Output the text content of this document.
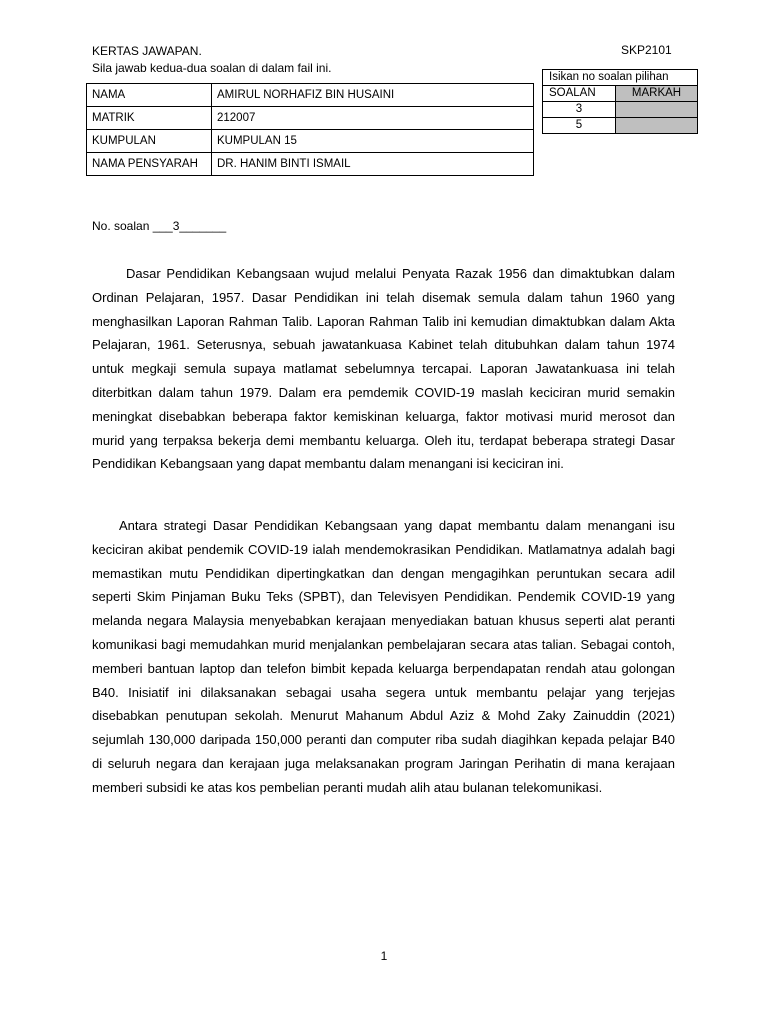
KERTAS JAWAPAN.
Sila jawab kedua-dua soalan di dalam fail ini.
SKP2101
NAMA	AMIRUL NORHAFIZ BIN HUSAINI
MATRIK	212007
KUMPULAN	KUMPULAN 15
NAMA PENSYARAH	DR. HANIM BINTI ISMAIL
Isikan no soalan pilihan	
SOALAN	MARKAH
3	
5	
No. soalan ___3_______

Dasar Pendidikan Kebangsaan wujud melalui Penyata Razak 1956 dan dimaktubkan dalam Ordinan Pelajaran, 1957. Dasar Pendidikan ini telah disemak semula dalam tahun 1960 yang menghasilkan Laporan Rahman Talib. Laporan Rahman Talib ini kemudian dimaktubkan dalam Akta Pelajaran, 1961. Seterusnya, sebuah jawatankuasa Kabinet telah ditubuhkan dalam tahun 1974 untuk megkaji semula supaya matlamat sebelumnya tercapai. Laporan Jawatankuasa ini telah diterbitkan dalam tahun 1979. Dalam era pemdemik COVID-19 maslah keciciran murid semakin meningkat disebabkan beberapa faktor kemiskinan keluarga, faktor motivasi murid merosot dan murid yang terpaksa bekerja demi membantu keluarga. Oleh itu, terdapat beberapa strategi Dasar Pendidikan Kebangsaan yang dapat membantu dalam menangani isi keciciran ini.

Antara strategi Dasar Pendidikan Kebangsaan yang dapat membantu dalam menangani isu keciciran akibat pendemik COVID-19 ialah mendemokrasikan Pendidikan. Matlamatnya adalah bagi memastikan mutu Pendidikan dipertingkatkan dan dengan mengagihkan peruntukan secara adil seperti Skim Pinjaman Buku Teks (SPBT), dan Televisyen Pendidikan. Pendemik COVID-19 yang melanda negara Malaysia menyebabkan kerajaan menyediakan batuan khusus seperti alat peranti komunikasi bagi memudahkan murid menjalankan pembelajaran secara atas talian. Sebagai contoh, memberi bantuan laptop dan telefon bimbit kepada keluarga berpendapatan rendah atau golongan B40. Inisiatif ini dilaksanakan sebagai usaha segera untuk membantu pelajar yang terjejas disebabkan penutupan sekolah. Menurut Mahanum Abdul Aziz & Mohd Zaky Zainuddin (2021) sejumlah 130,000 daripada 150,000 peranti dan computer riba sudah diagihkan kepada pelajar B40 di seluruh negara dan kerajaan juga melaksanakan program Jaringan Perihatin di mana kerajaan memberi subsidi ke atas kos pembelian peranti mudah alih atau bulanan telekomunikasi.

1
